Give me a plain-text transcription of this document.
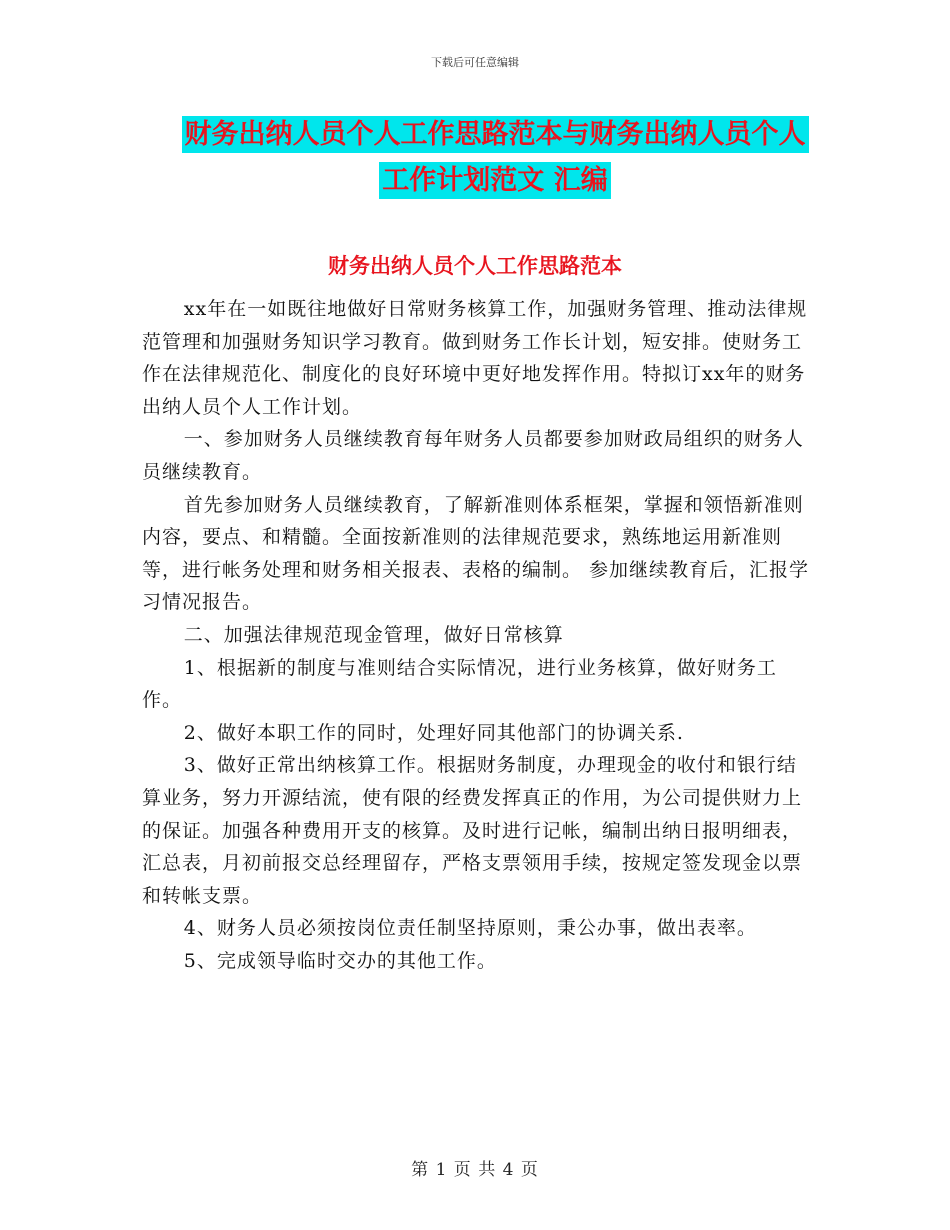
下载后可任意编辑
财务出纳人员个人工作思路范本与财务出纳人员个人
工作计划范文 汇编
财务出纳人员个人工作思路范本

xx年在一如既往地做好日常财务核算工作，加强财务管理、推动法律规范管理和加强财务知识学习教育。做到财务工作长计划，短安排。使财务工作在法律规范化、制度化的良好环境中更好地发挥作用。特拟订xx年的财务出纳人员个人工作计划。

一、参加财务人员继续教育每年财务人员都要参加财政局组织的财务人员继续教育。

首先参加财务人员继续教育，了解新准则体系框架，掌握和领悟新准则内容，要点、和精髓。全面按新准则的法律规范要求，熟练地运用新准则等，进行帐务处理和财务相关报表、表格的编制。 参加继续教育后，汇报学习情况报告。

二、加强法律规范现金管理，做好日常核算

1、根据新的制度与准则结合实际情况，进行业务核算，做好财务工作。

2、做好本职工作的同时，处理好同其他部门的协调关系.

3、做好正常出纳核算工作。根据财务制度，办理现金的收付和银行结算业务，努力开源结流，使有限的经费发挥真正的作用，为公司提供财力上的保证。加强各种费用开支的核算。及时进行记帐，编制出纳日报明细表，汇总表，月初前报交总经理留存，严格支票领用手续，按规定签发现金以票和转帐支票。

4、财务人员必须按岗位责任制坚持原则，秉公办事，做出表率。

5、完成领导临时交办的其他工作。

第 1 页 共 4 页
